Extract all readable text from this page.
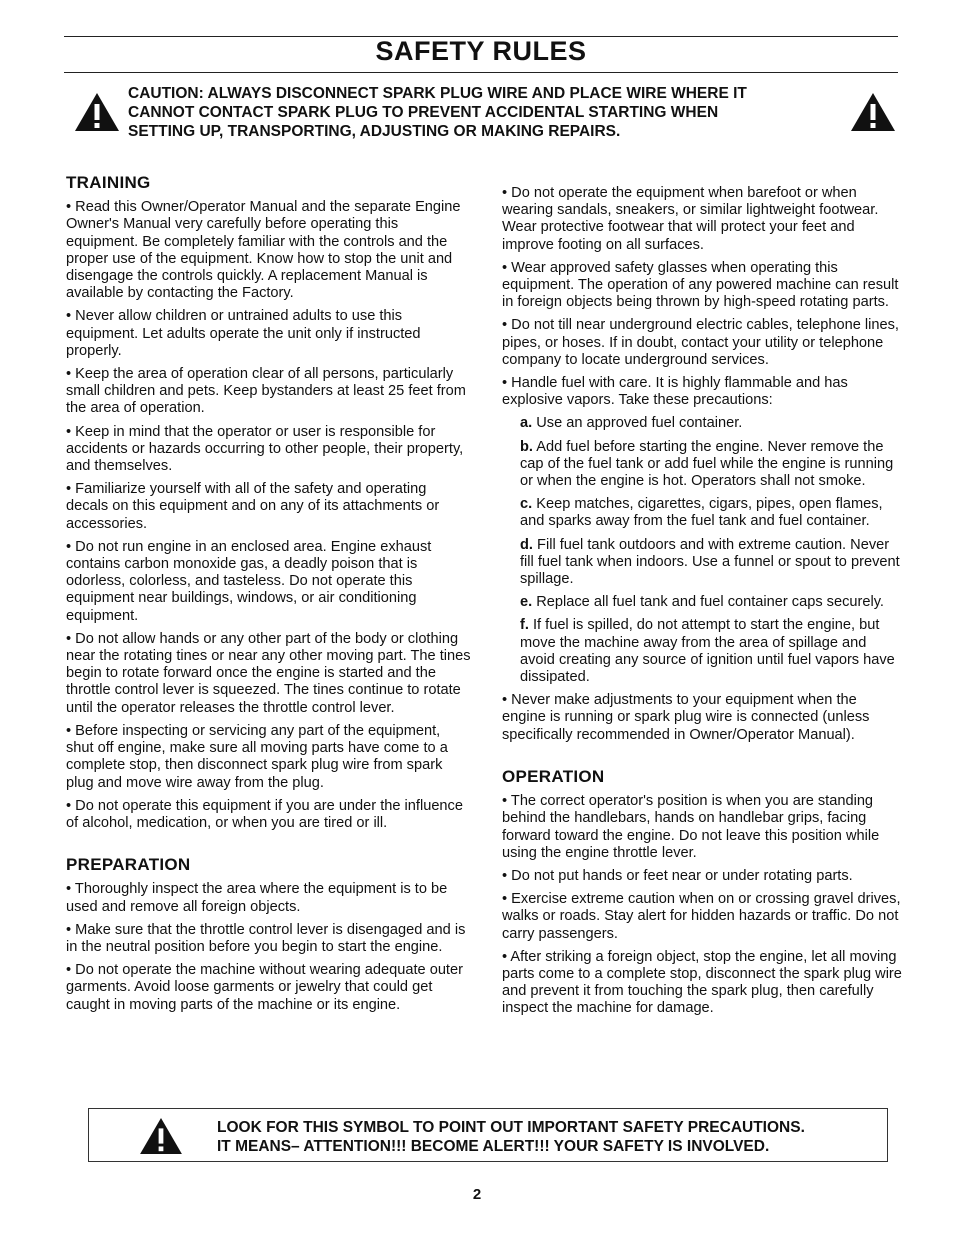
SAFETY RULES
CAUTION: ALWAYS DISCONNECT SPARK PLUG WIRE AND PLACE WIRE WHERE IT
CANNOT CONTACT SPARK PLUG TO PREVENT ACCIDENTAL STARTING WHEN
SETTING UP, TRANSPORTING, ADJUSTING OR MAKING REPAIRS.
TRAINING

• Read this Owner/Operator Manual and the separate Engine Owner's Manual very carefully before operating this equipment. Be completely familiar with the controls and the proper use of the equipment. Know how to stop the unit and disengage the controls quickly. A replacement Manual is available by contacting the Factory.

• Never allow children or untrained adults to use this equipment. Let adults operate the unit only if instructed properly.

• Keep the area of operation clear of all persons, particularly small children and pets. Keep bystanders at least 25 feet from the area of operation.

• Keep in mind that the operator or user is responsible for accidents or hazards occurring to other people, their property, and themselves.

• Familiarize yourself with all of the safety and operating decals on this equipment and on any of its attachments or accessories.

• Do not run engine in an enclosed area. Engine exhaust contains carbon monoxide gas, a deadly poison that is odorless, colorless, and tasteless. Do not operate this equipment near buildings, windows, or air conditioning equipment.

• Do not allow hands or any other part of the body or clothing near the rotating tines or near any other moving part. The tines begin to rotate forward once the engine is started and the throttle control lever is squeezed. The tines continue to rotate until the operator releases the throttle control lever.

• Before inspecting or servicing any part of the equipment, shut off engine, make sure all moving parts have come to a complete stop, then disconnect spark plug wire from spark plug and move wire away from the plug.

• Do not operate this equipment if you are under the influence of alcohol, medication, or when you are tired or ill.

PREPARATION

• Thoroughly inspect the area where the equipment is to be used and remove all foreign objects.

• Make sure that the throttle control lever is disengaged and is in the neutral position before you begin to start the engine.

• Do not operate the machine without wearing adequate outer garments. Avoid loose garments or jewelry that could get caught in moving parts of the machine or its engine.

• Do not operate the equipment when barefoot or when wearing sandals, sneakers, or similar lightweight footwear. Wear protective footwear that will protect your feet and improve footing on all surfaces.

• Wear approved safety glasses when operating this equipment. The operation of any powered machine can result in foreign objects being thrown by high-speed rotating parts.

• Do not till near underground electric cables, telephone lines, pipes, or hoses. If in doubt, contact your utility or telephone company to locate underground services.

• Handle fuel with care. It is highly flammable and has explosive vapors. Take these precautions:

a. Use an approved fuel container.

b. Add fuel before starting the engine. Never remove the cap of the fuel tank or add fuel while the engine is running or when the engine is hot. Operators shall not smoke.

c. Keep matches, cigarettes, cigars, pipes, open flames, and sparks away from the fuel tank and fuel container.

d. Fill fuel tank outdoors and with extreme caution. Never fill fuel tank when indoors. Use a funnel or spout to prevent spillage.

e. Replace all fuel tank and fuel container caps securely.

f. If fuel is spilled, do not attempt to start the engine, but move the machine away from the area of spillage and avoid creating any source of ignition until fuel vapors have dissipated.

• Never make adjustments to your equipment when the engine is running or spark plug wire is connected (unless specifically recommended in Owner/Operator Manual).

OPERATION

• The correct operator's position is when you are standing behind the handlebars, hands on handlebar grips, facing forward toward the engine. Do not leave this position while using the engine throttle lever.

• Do not put hands or feet near or under rotating parts.

• Exercise extreme caution when on or crossing gravel drives, walks or roads. Stay alert for hidden hazards or traffic. Do not carry passengers.

• After striking a foreign object, stop the engine, let all moving parts come to a complete stop, disconnect the spark plug wire and prevent it from touching the spark plug, then carefully inspect the machine for damage.

LOOK FOR THIS SYMBOL TO POINT OUT IMPORTANT SAFETY PRECAUTIONS.
IT MEANS– ATTENTION!!! BECOME ALERT!!! YOUR SAFETY IS INVOLVED.
2
